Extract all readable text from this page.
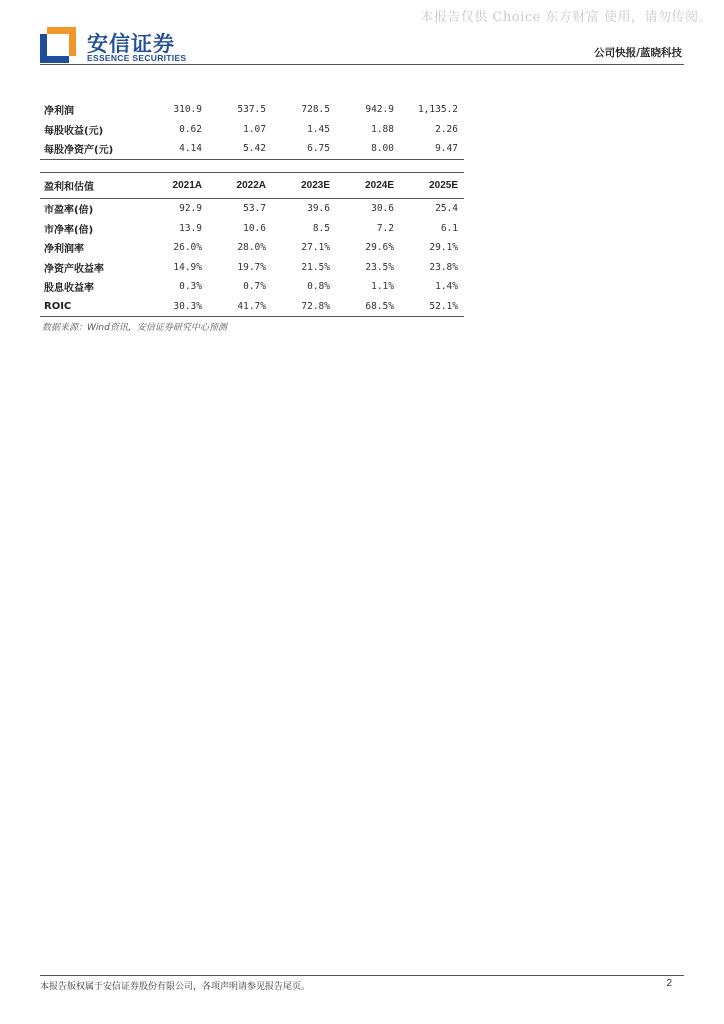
本报告仅供 Choice 东方财富 使用，请勿传阅。
安信证券
ESSENCE SECURITIES	公司快报/蓝晓科技
净利润	310.9	537.5	728.5	942.9	1,135.2
每股收益(元)	0.62	1.07	1.45	1.88	2.26
每股净资产(元)	4.14	5.42	6.75	8.00	9.47
盈利和估值	2021A	2022A	2023E	2024E	2025E
市盈率(倍)	92.9	53.7	39.6	30.6	25.4
市净率(倍)	13.9	10.6	8.5	7.2	6.1
净利润率	26.0%	28.0%	27.1%	29.6%	29.1%
净资产收益率	14.9%	19.7%	21.5%	23.5%	23.8%
股息收益率	0.3%	0.7%	0.8%	1.1%	1.4%
ROIC	30.3%	41.7%	72.8%	68.5%	52.1%
数据来源：Wind资讯，安信证券研究中心预测
本报告版权属于安信证券股份有限公司，各项声明请参见报告尾页。	2
